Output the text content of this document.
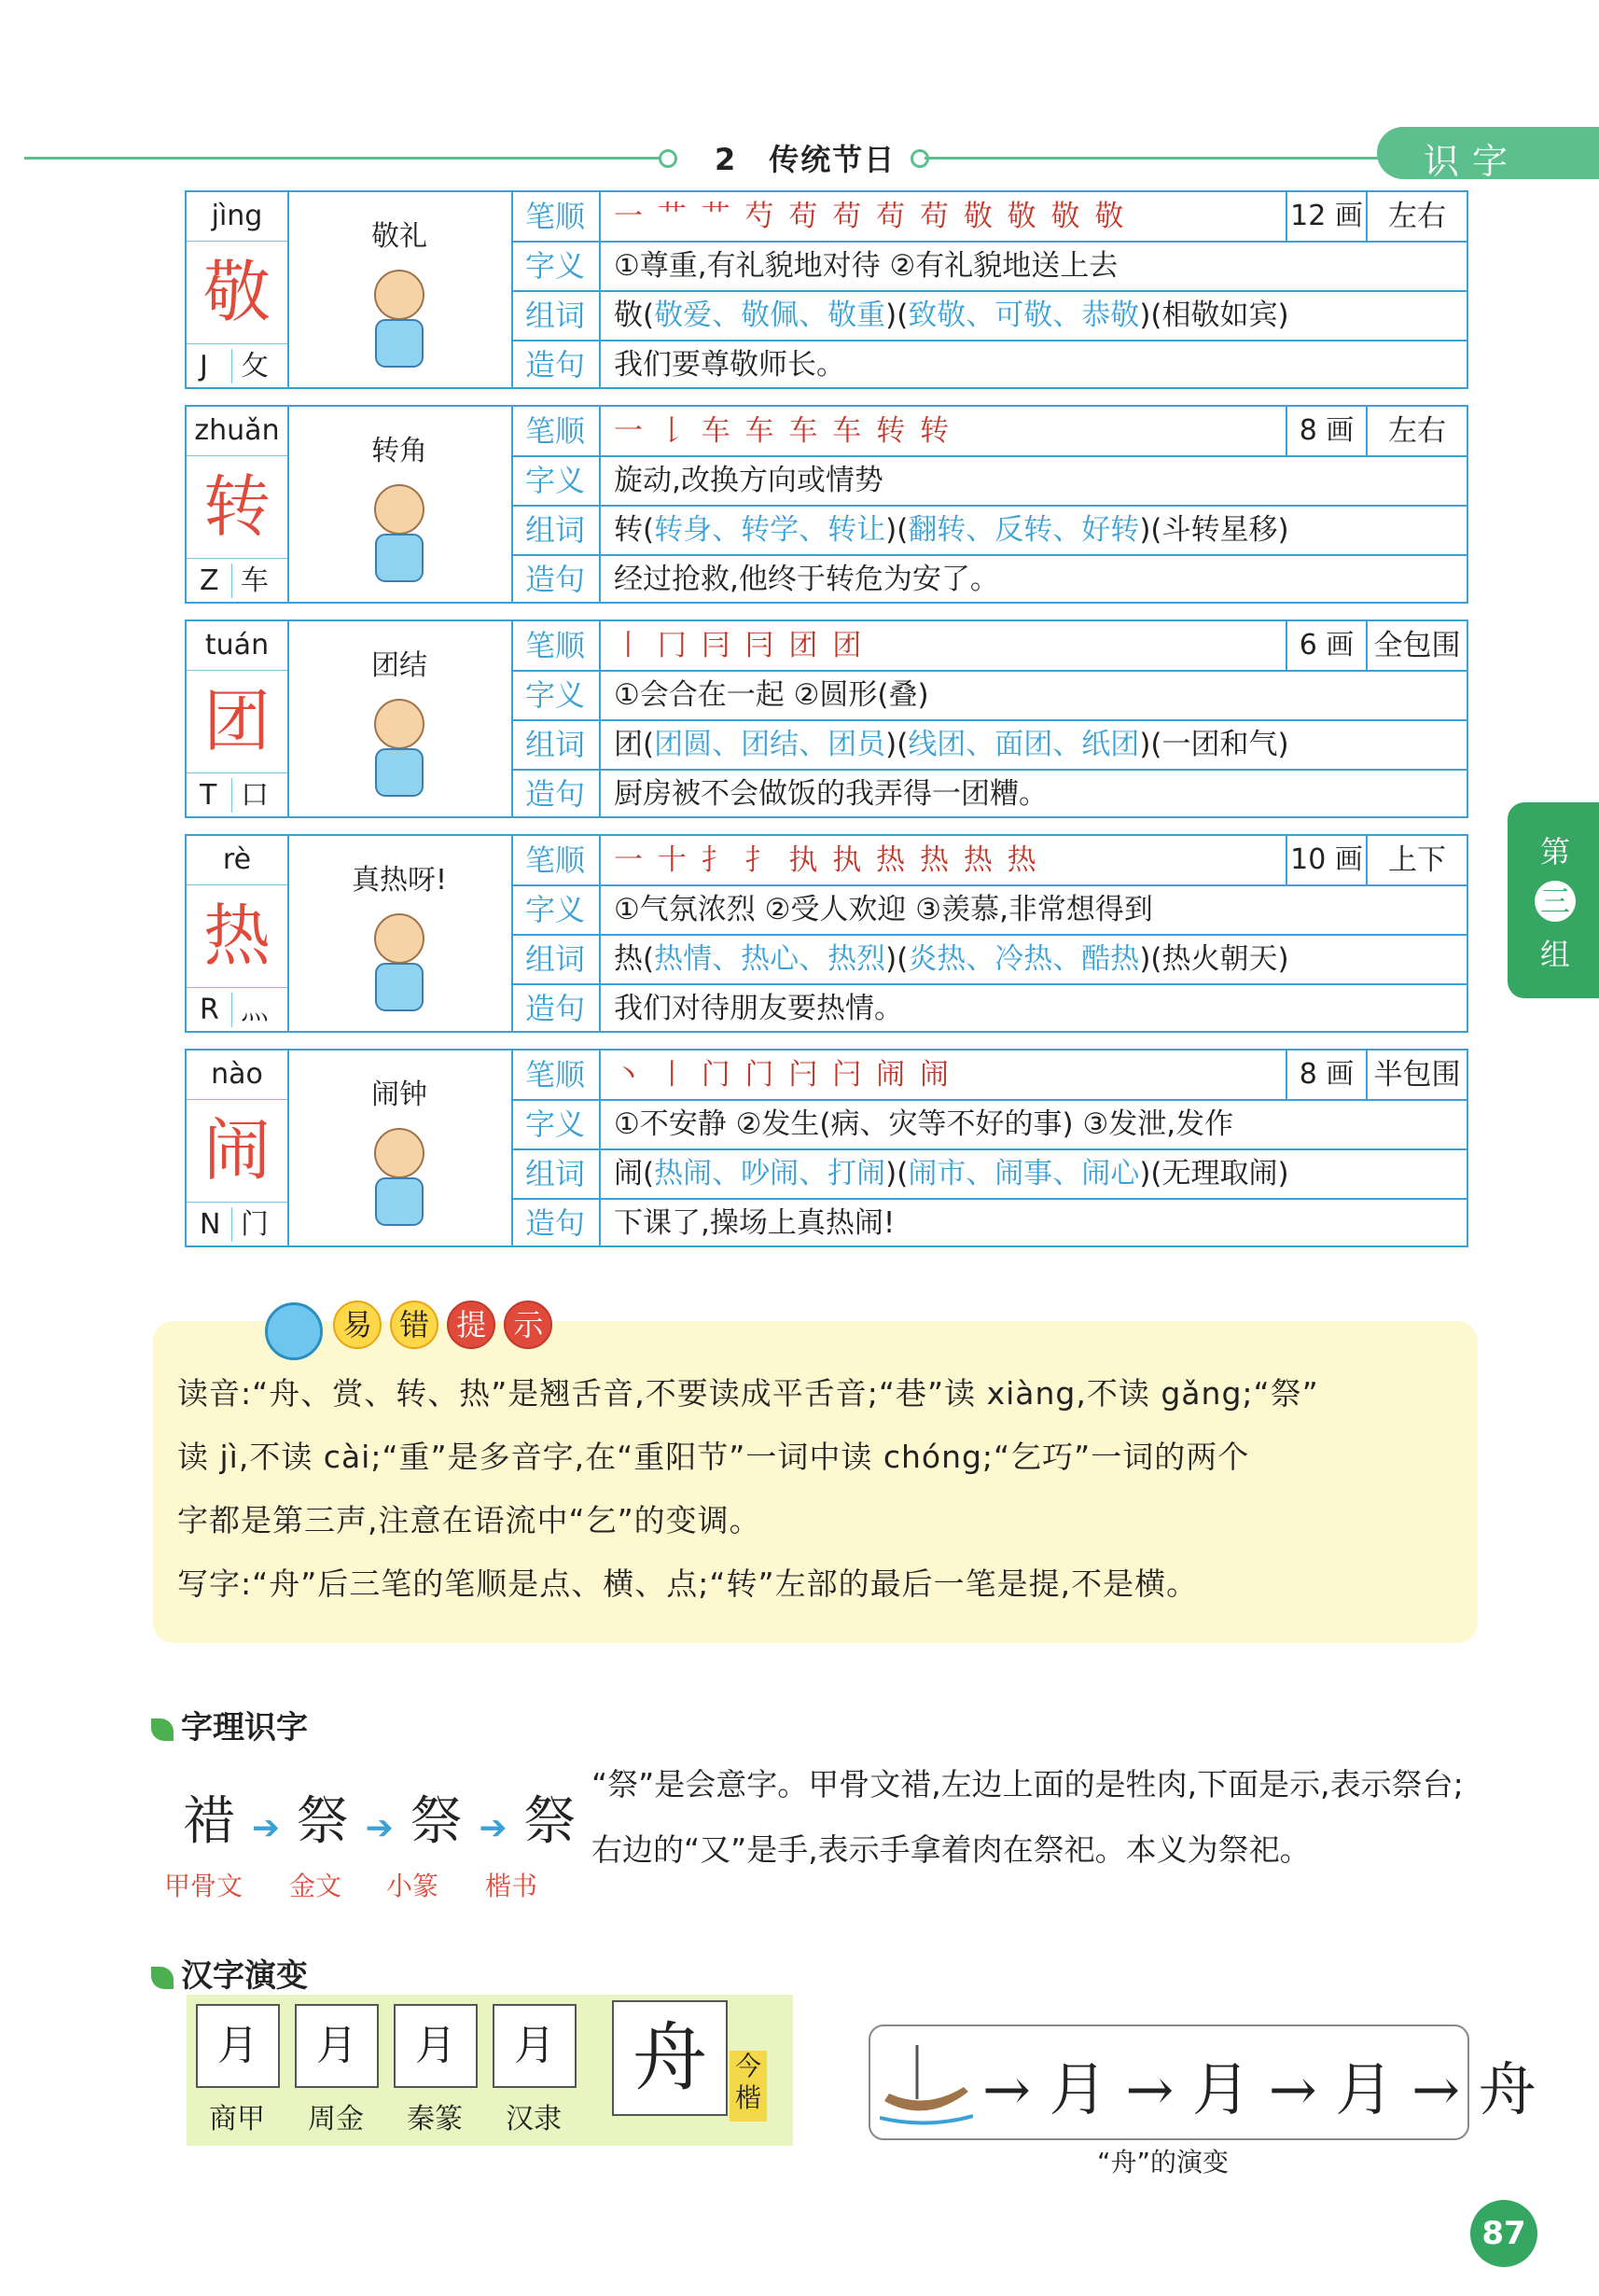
2　传统节日	识字
jìng
敬
J 攵
敬礼
笔顺	一 艹 艹 芍 苟 苟 苟 苟 敬 敬 敬 敬	12 画 左右
字义	①尊重,有礼貌地对待 ②有礼貌地送上去
组词	敬(敬爱、敬佩、敬重)(致敬、可敬、恭敬)(相敬如宾)
造句	我们要尊敬师长。
zhuǎn
转
Z 车
转角
笔顺	一 𠄌 车 车 车 车 转 转	8 画	左右
字义	旋动,改换方向或情势
组词	转(转身、转学、转让)(翻转、反转、好转)(斗转星移)
造句	经过抢救,他终于转危为安了。
tuán
团
T 口
团结
笔顺	丨 冂 冃 冃 团 团	6 画 全包围
字义	①会合在一起 ②圆形(叠)
组词	团(团圆、团结、团员)(线团、面团、纸团)(一团和气)
造句	厨房被不会做饭的我弄得一团糟。
rè
热
R 灬
真热呀!
笔顺	一 十 扌 扌 执 执 热 热 热 热	10 画 上下
字义	①气氛浓烈 ②受人欢迎 ③羡慕,非常想得到
组词	热(热情、热心、热烈)(炎热、冷热、酷热)(热火朝天)
造句	我们对待朋友要热情。
nào
闹
N 门
闹钟
笔顺	丶 丨 门 门 闩 闩 闹 闹	8 画 半包围
字义	①不安静 ②发生(病、灾等不好的事) ③发泄,发作
组词	闹(热闹、吵闹、打闹)(闹市、闹事、闹心)(无理取闹)
造句	下课了,操场上真热闹!
第
三
组
易 错 提 示

读音:“舟、赏、转、热”是翘舌音,不要读成平舌音;“巷”读 xiàng,不读 gǎng;“祭”

读 jì,不读 cài;“重”是多音字,在“重阳节”一词中读 chóng;“乞巧”一词的两个

字都是第三声,注意在语流中“乞”的变调。

写字:“舟”后三笔的笔顺是点、横、点;“转”左部的最后一笔是提,不是横。

字理识字
䄍 ➔ 祭 ➔ 祭 ➔ 祭
甲骨文 金文 小篆 楷书
“祭”是会意字。甲骨文䄍,左边上面的是牲肉,下面是示,表示祭台;右边的“又”是手,表示手拿着肉在祭祀。本义为祭祀。
汉字演变
月	月	月	月
商甲	周金	秦篆	汉隶
舟	今楷	→ 月 → 月 → 月 → 舟
“舟”的演变
87
